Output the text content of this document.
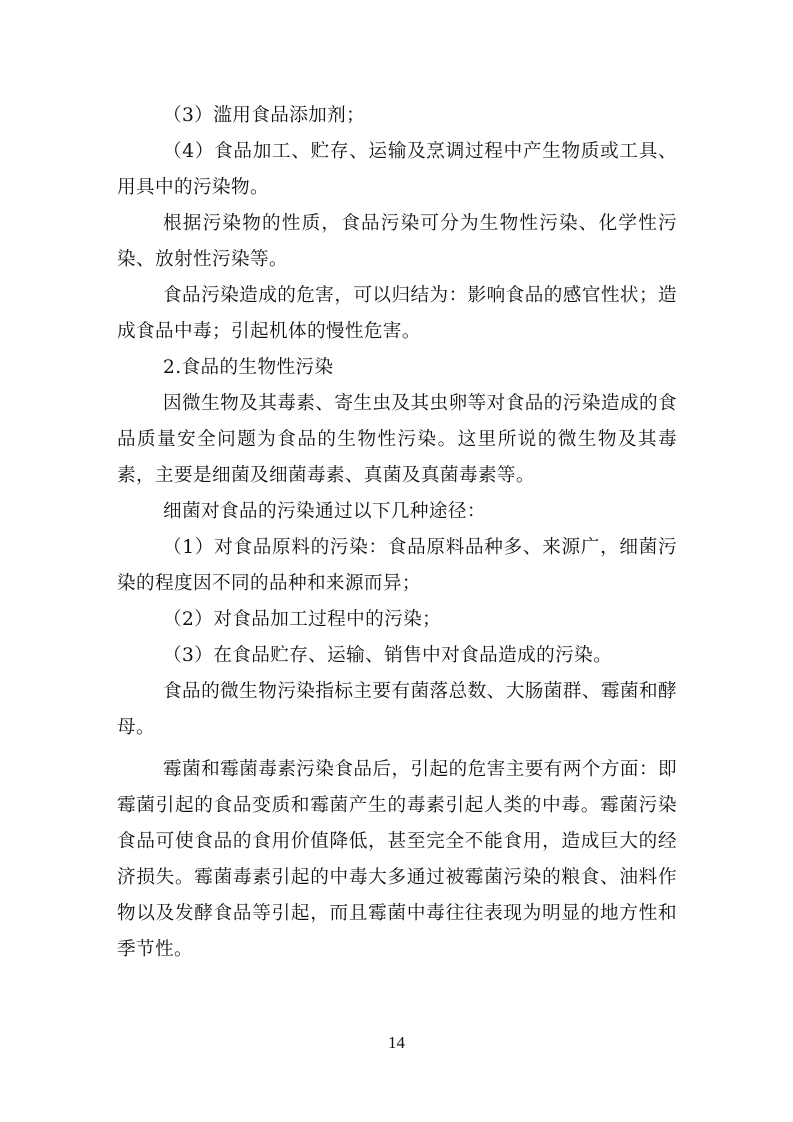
（3）滥用食品添加剂；

（4）食品加工、贮存、运输及烹调过程中产生物质或工具、用具中的污染物。

根据污染物的性质，食品污染可分为生物性污染、化学性污染、放射性污染等。

食品污染造成的危害，可以归结为：影响食品的感官性状；造成食品中毒；引起机体的慢性危害。

2.食品的生物性污染

因微生物及其毒素、寄生虫及其虫卵等对食品的污染造成的食品质量安全问题为食品的生物性污染。这里所说的微生物及其毒素，主要是细菌及细菌毒素、真菌及真菌毒素等。

细菌对食品的污染通过以下几种途径：

（1）对食品原料的污染：食品原料品种多、来源广，细菌污染的程度因不同的品种和来源而异；

（2）对食品加工过程中的污染；

（3）在食品贮存、运输、销售中对食品造成的污染。

食品的微生物污染指标主要有菌落总数、大肠菌群、霉菌和酵母。

霉菌和霉菌毒素污染食品后，引起的危害主要有两个方面：即霉菌引起的食品变质和霉菌产生的毒素引起人类的中毒。霉菌污染食品可使食品的食用价值降低，甚至完全不能食用，造成巨大的经济损失。霉菌毒素引起的中毒大多通过被霉菌污染的粮食、油料作物以及发酵食品等引起，而且霉菌中毒往往表现为明显的地方性和季节性。

14
